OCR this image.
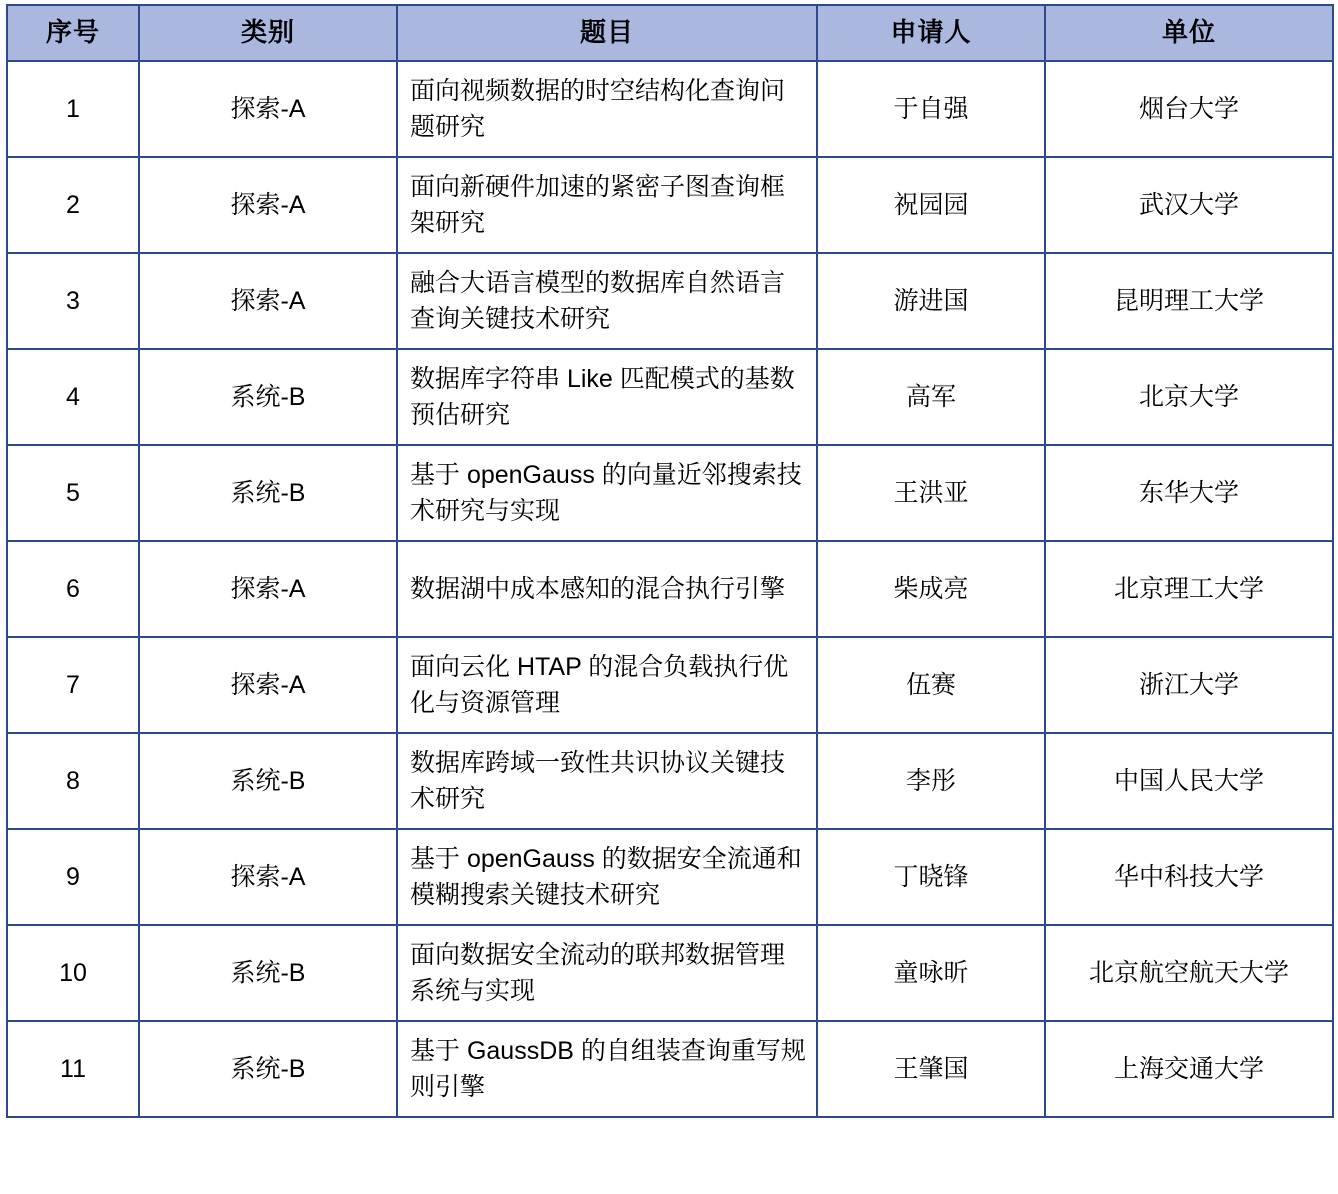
序号	类别	题目	申请人	单位
1	探索-A	面向视频数据的时空结构化查询问题研究	于自强	烟台大学
2	探索-A	面向新硬件加速的紧密子图查询框架研究	祝园园	武汉大学
3	探索-A	融合大语言模型的数据库自然语言查询关键技术研究	游进国	昆明理工大学
4	系统-B	数据库字符串 Like 匹配模式的基数预估研究	高军	北京大学
5	系统-B	基于 openGauss 的向量近邻搜索技术研究与实现	王洪亚	东华大学
6	探索-A	数据湖中成本感知的混合执行引擎	柴成亮	北京理工大学
7	探索-A	面向云化 HTAP 的混合负载执行优化与资源管理	伍赛	浙江大学
8	系统-B	数据库跨域一致性共识协议关键技术研究	李彤	中国人民大学
9	探索-A	基于 openGauss 的数据安全流通和模糊搜索关键技术研究	丁晓锋	华中科技大学
10	系统-B	面向数据安全流动的联邦数据管理系统与实现	童咏昕	北京航空航天大学
11	系统-B	基于 GaussDB 的自组装查询重写规则引擎	王肇国	上海交通大学
